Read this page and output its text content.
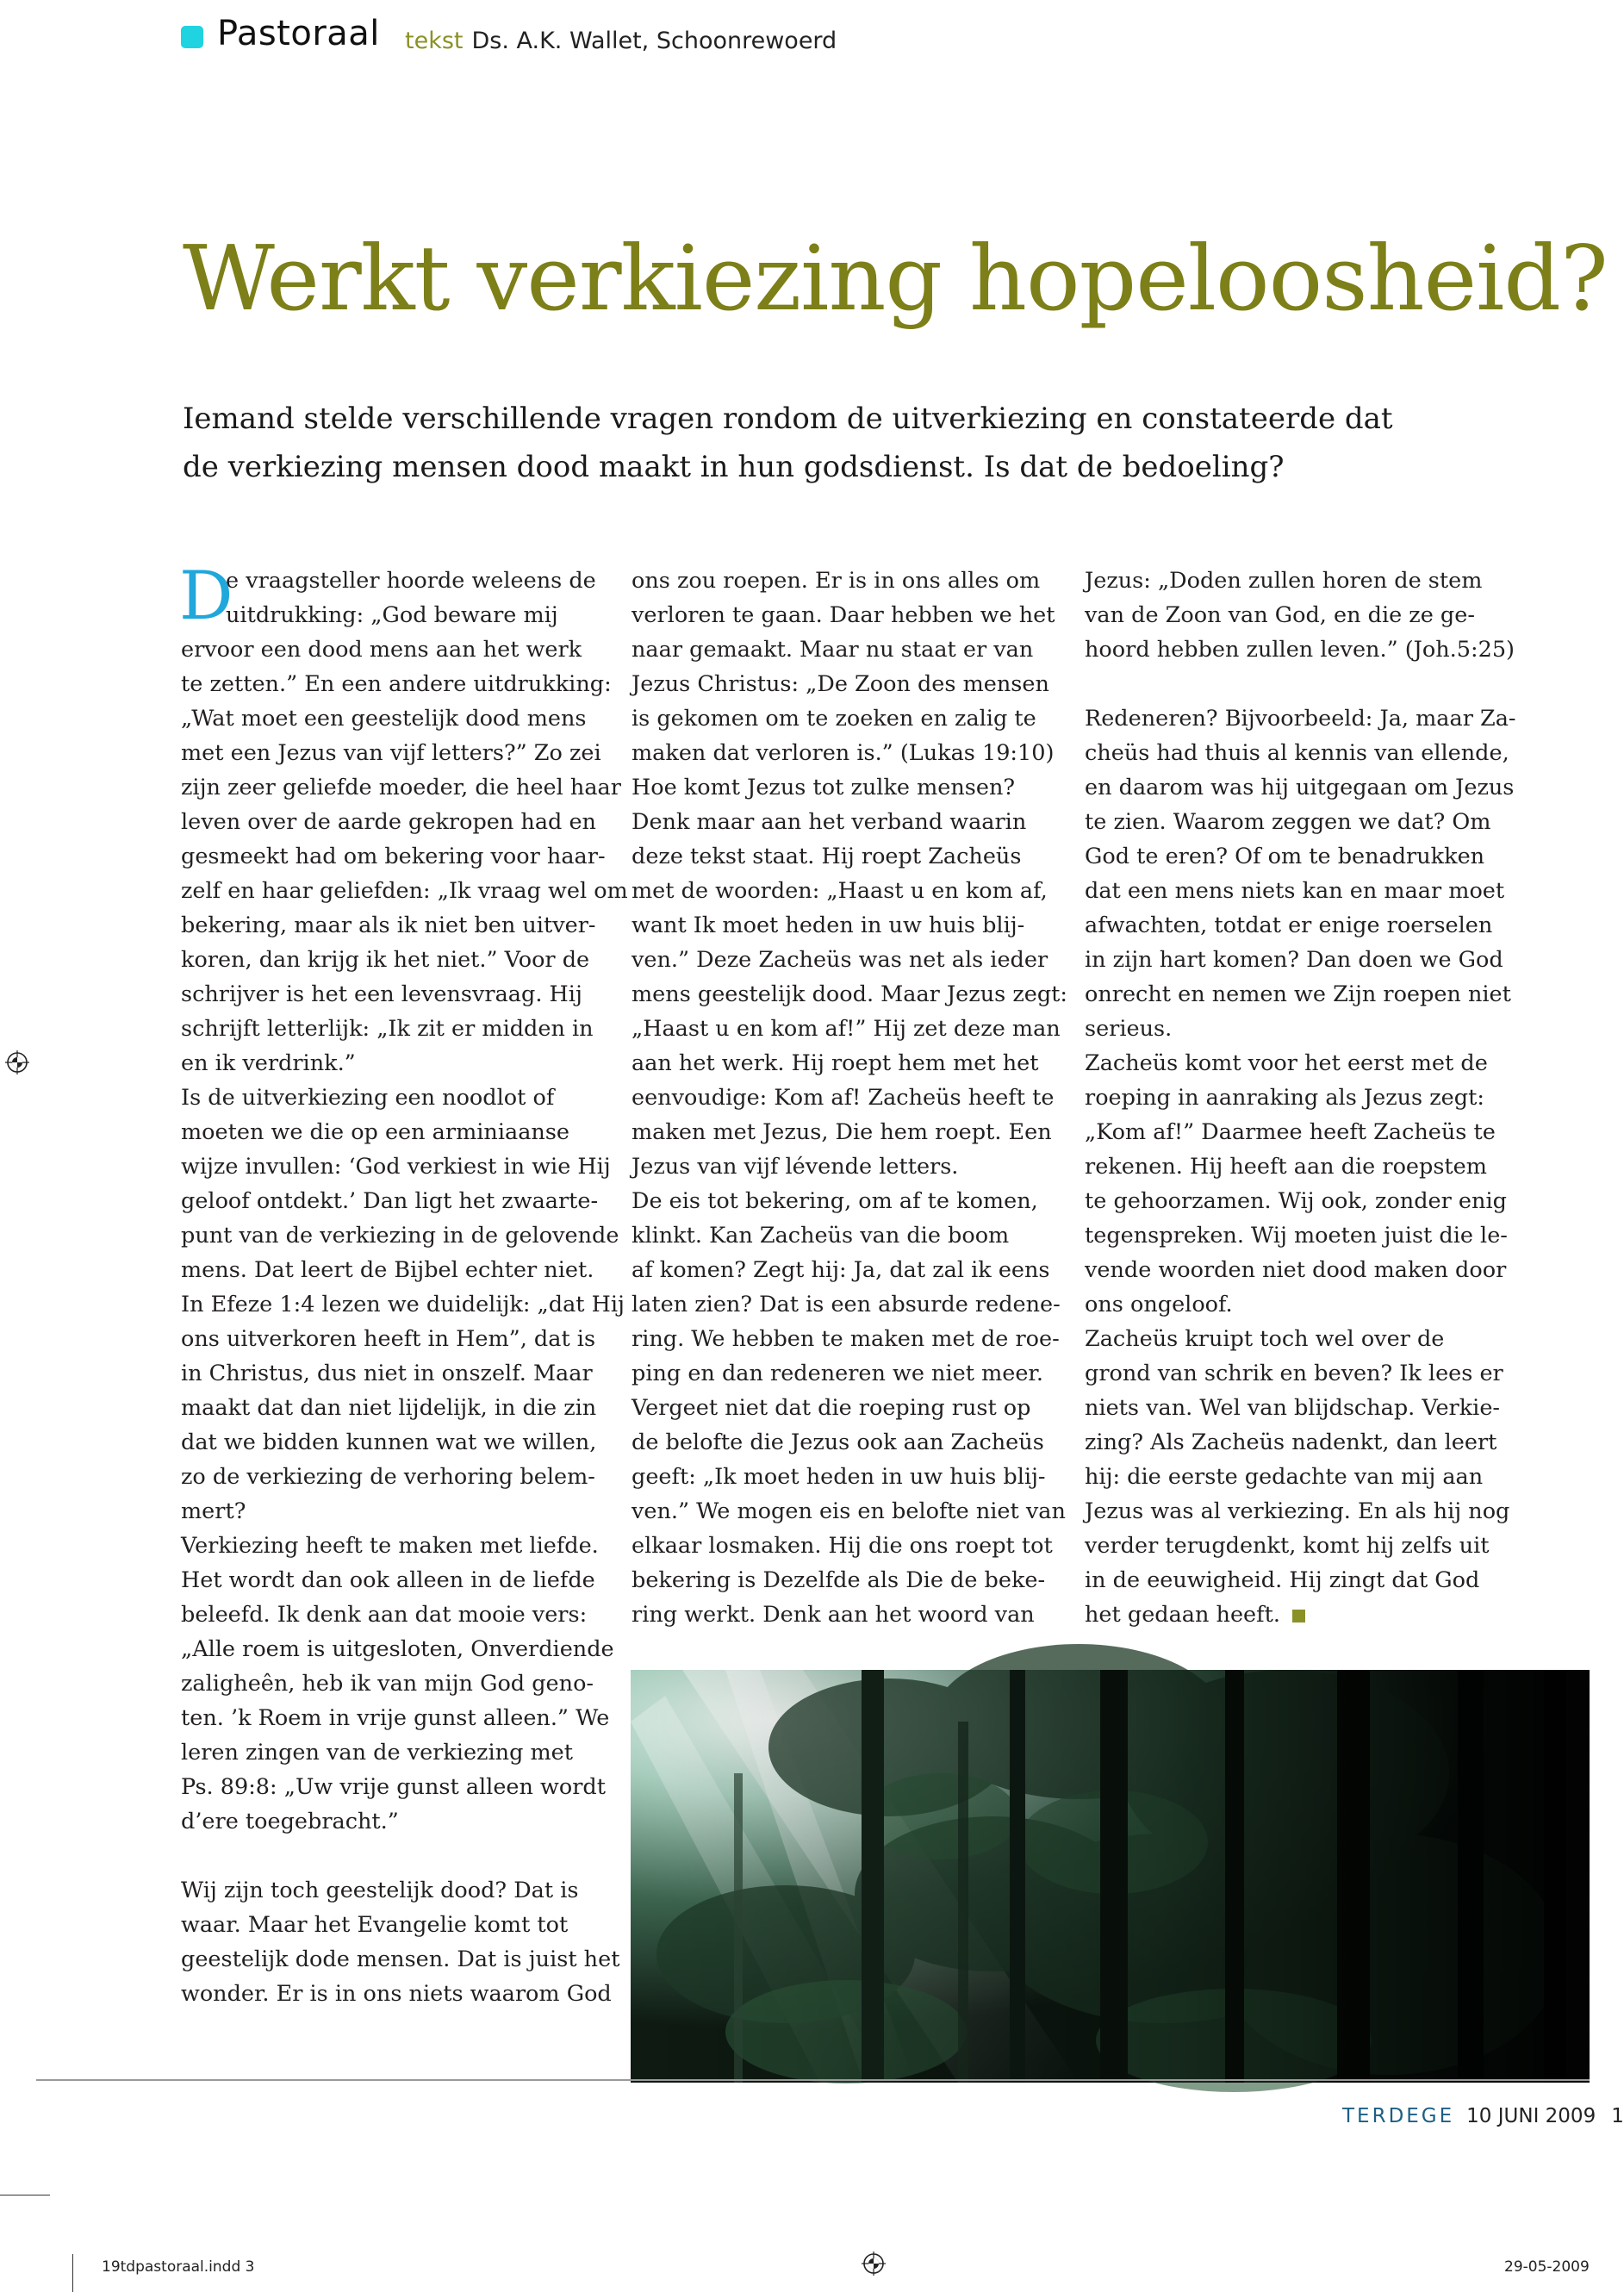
Pastoraal tekst Ds. A.K. Wallet, Schoonrewoerd
Werkt verkiezing hopeloosheid?
Iemand stelde verschillende vragen rondom de uitverkiezing en constateerde dat
de verkiezing mensen dood maakt in hun godsdienst. Is dat de bedoeling?
D
e vraagsteller hoorde weleens de
uitdrukking: „God beware mij
ervoor een dood mens aan het werk
te zetten.” En een andere uitdrukking:
„Wat moet een geestelijk dood mens
met een Jezus van vijf letters?” Zo zei
zijn zeer geliefde moeder, die heel haar
leven over de aarde gekropen had en
gesmeekt had om bekering voor haar-
zelf en haar geliefden: „Ik vraag wel om
bekering, maar als ik niet ben uitver-
koren, dan krijg ik het niet.” Voor de
schrijver is het een levensvraag. Hij
schrijft letterlijk: „Ik zit er midden in
en ik verdrink.”
Is de uitverkiezing een noodlot of
moeten we die op een arminiaanse
wijze invullen: ‘God verkiest in wie Hij
geloof ontdekt.’ Dan ligt het zwaarte-
punt van de verkiezing in de gelovende
mens. Dat leert de Bijbel echter niet.
In Efeze 1:4 lezen we duidelijk: „dat Hij
ons uitverkoren heeft in Hem”, dat is
in Christus, dus niet in onszelf. Maar
maakt dat dan niet lijdelijk, in die zin
dat we bidden kunnen wat we willen,
zo de verkiezing de verhoring belem-
mert?
Verkiezing heeft te maken met liefde.
Het wordt dan ook alleen in de liefde
beleefd. Ik denk aan dat mooie vers:
„Alle roem is uitgesloten, Onverdiende
zaligheên, heb ik van mijn God geno-
ten. ’k Roem in vrije gunst alleen.” We
leren zingen van de verkiezing met
Ps. 89:8: „Uw vrije gunst alleen wordt
d’ere toegebracht.”
Wij zijn toch geestelijk dood? Dat is
waar. Maar het Evangelie komt tot
geestelijk dode mensen. Dat is juist het
wonder. Er is in ons niets waarom God
ons zou roepen. Er is in ons alles om
verloren te gaan. Daar hebben we het
naar gemaakt. Maar nu staat er van
Jezus Christus: „De Zoon des mensen
is gekomen om te zoeken en zalig te
maken dat verloren is.” (Lukas 19:10)
Hoe komt Jezus tot zulke mensen?
Denk maar aan het verband waarin
deze tekst staat. Hij roept Zacheüs
met de woorden: „Haast u en kom af,
want Ik moet heden in uw huis blij-
ven.” Deze Zacheüs was net als ieder
mens geestelijk dood. Maar Jezus zegt:
„Haast u en kom af!” Hij zet deze man
aan het werk. Hij roept hem met het
eenvoudige: Kom af! Zacheüs heeft te
maken met Jezus, Die hem roept. Een
Jezus van vijf lévende letters.
De eis tot bekering, om af te komen,
klinkt. Kan Zacheüs van die boom
af komen? Zegt hij: Ja, dat zal ik eens
laten zien? Dat is een absurde redene-
ring. We hebben te maken met de roe-
ping en dan redeneren we niet meer.
Vergeet niet dat die roeping rust op
de belofte die Jezus ook aan Zacheüs
geeft: „Ik moet heden in uw huis blij-
ven.” We mogen eis en belofte niet van
elkaar losmaken. Hij die ons roept tot
bekering is Dezelfde als Die de beke-
ring werkt. Denk aan het woord van
Jezus: „Doden zullen horen de stem
van de Zoon van God, en die ze ge-
hoord hebben zullen leven.” (Joh.5:25)
Redeneren? Bijvoorbeeld: Ja, maar Za-
cheüs had thuis al kennis van ellende,
en daarom was hij uitgegaan om Jezus
te zien. Waarom zeggen we dat? Om
God te eren? Of om te benadrukken
dat een mens niets kan en maar moet
afwachten, totdat er enige roerselen
in zijn hart komen? Dan doen we God
onrecht en nemen we Zijn roepen niet
serieus.
Zacheüs komt voor het eerst met de
roeping in aanraking als Jezus zegt:
„Kom af!” Daarmee heeft Zacheüs te
rekenen. Hij heeft aan die roepstem
te gehoorzamen. Wij ook, zonder enig
tegenspreken. Wij moeten juist die le-
vende woorden niet dood maken door
ons ongeloof.
Zacheüs kruipt toch wel over de
grond van schrik en beven? Ik lees er
niets van. Wel van blijdschap. Verkie-
zing? Als Zacheüs nadenkt, dan leert
hij: die eerste gedachte van mij aan
Jezus was al verkiezing. En als hij nog
verder terugdenkt, komt hij zelfs uit
in de eeuwigheid. Hij zingt dat God
het gedaan heeft.
TERDEGE 10 JUNI 2009 1
19tdpastoraal.indd 3	29-05-2009
